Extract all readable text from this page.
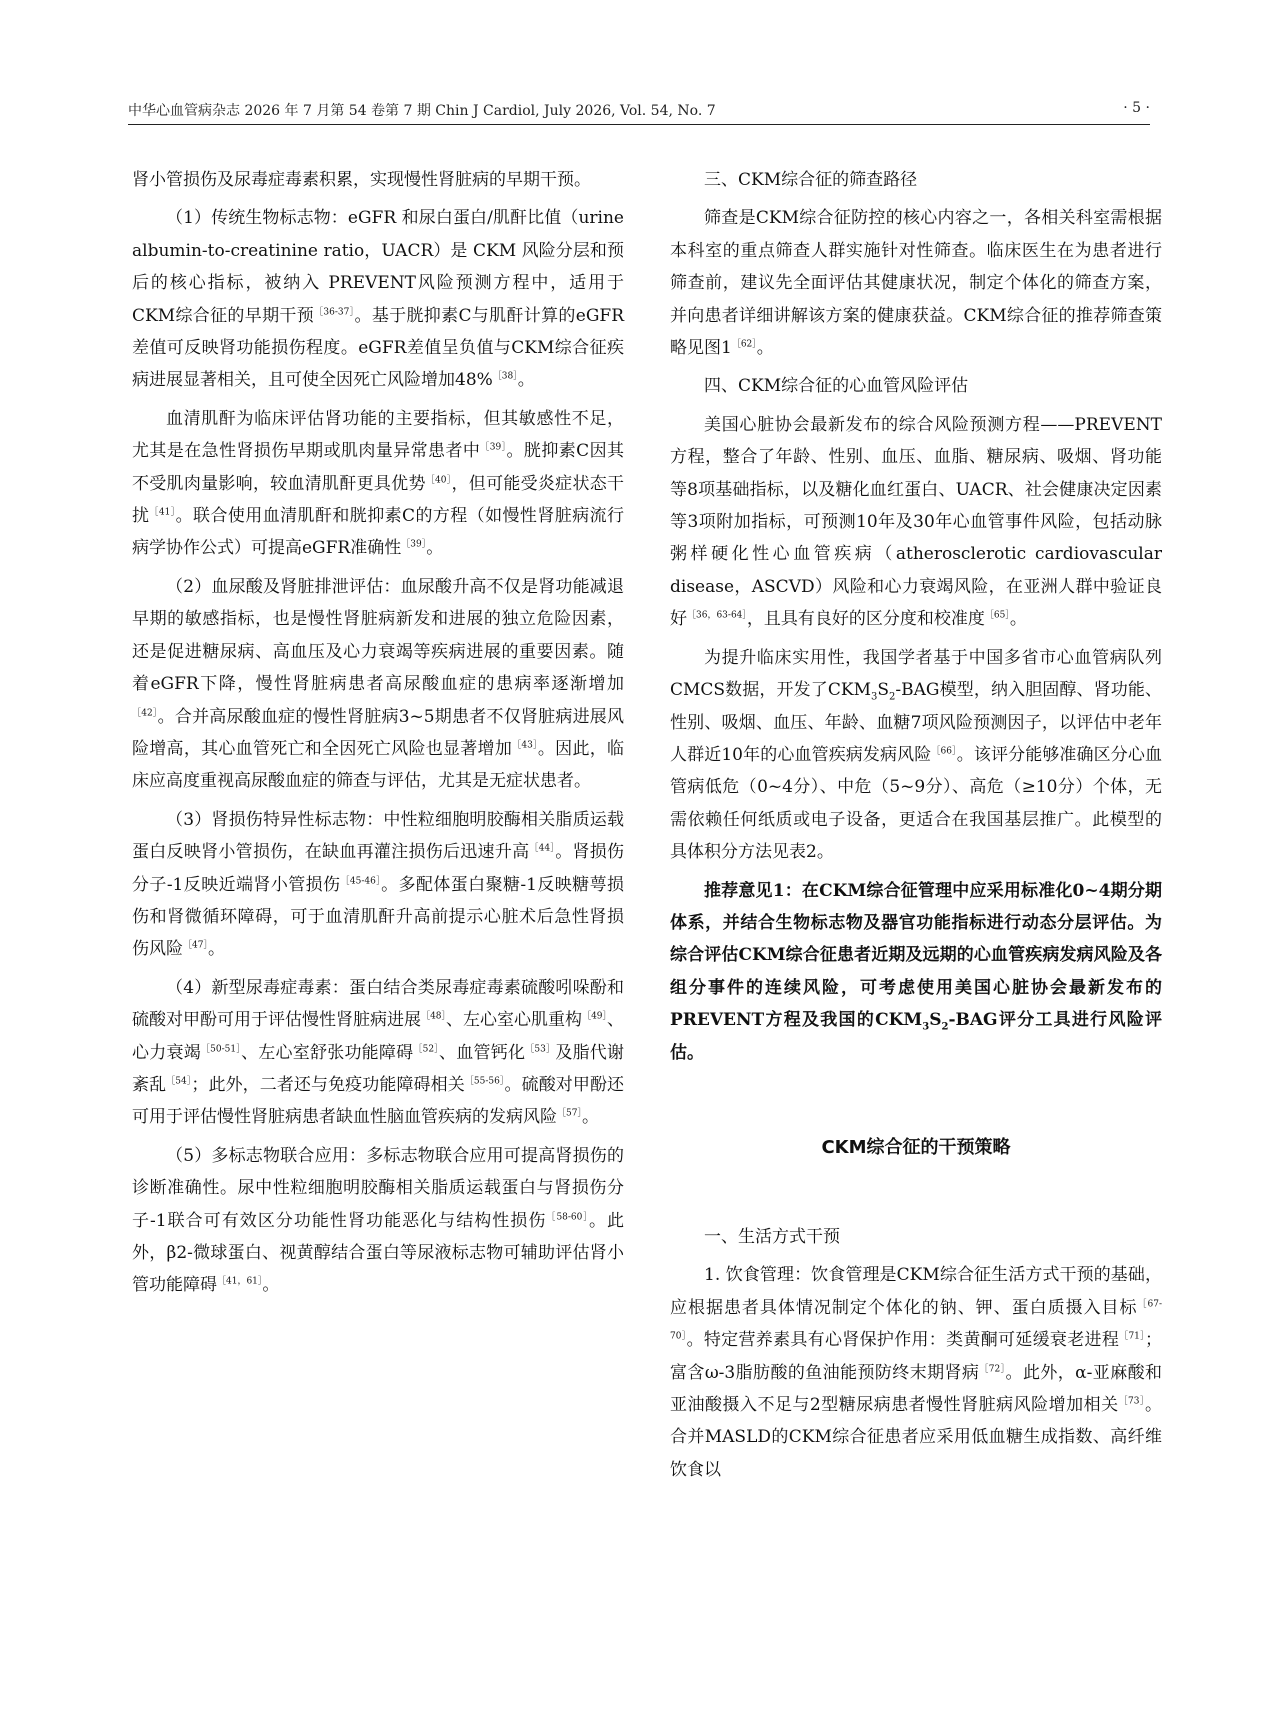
中华心血管病杂志 2026 年 7 月第 54 卷第 7 期 Chin J Cardiol, July 2026, Vol. 54, No. 7	· 5 ·

肾小管损伤及尿毒症毒素积累，实现慢性肾脏病的早期干预。

（1）传统生物标志物：eGFR 和尿白蛋白/肌酐比值（urine albumin-to-creatinine ratio，UACR）是 CKM 风险分层和预后的核心指标，被纳入 PREVENT风险预测方程中，适用于CKM综合征的早期干预$^{[36-37]}$。基于胱抑素C与肌酐计算的eGFR差值可反映肾功能损伤程度。eGFR差值呈负值与CKM综合征疾病进展显著相关，且可使全因死亡风险增加48%$^{[38]}$。

血清肌酐为临床评估肾功能的主要指标，但其敏感性不足，尤其是在急性肾损伤早期或肌肉量异常患者中$^{[39]}$。胱抑素C因其不受肌肉量影响，较血清肌酐更具优势$^{[40]}$，但可能受炎症状态干扰$^{[41]}$。联合使用血清肌酐和胱抑素C的方程（如慢性肾脏病流行病学协作公式）可提高eGFR准确性$^{[39]}$。

（2）血尿酸及肾脏排泄评估：血尿酸升高不仅是肾功能减退早期的敏感指标，也是慢性肾脏病新发和进展的独立危险因素，还是促进糖尿病、高血压及心力衰竭等疾病进展的重要因素。随着eGFR下降，慢性肾脏病患者高尿酸血症的患病率逐渐增加$^{[42]}$。合并高尿酸血症的慢性肾脏病3~5期患者不仅肾脏病进展风险增高，其心血管死亡和全因死亡风险也显著增加$^{[43]}$。因此，临床应高度重视高尿酸血症的筛查与评估，尤其是无症状患者。

（3）肾损伤特异性标志物：中性粒细胞明胶酶相关脂质运载蛋白反映肾小管损伤，在缺血再灌注损伤后迅速升高$^{[44]}$。肾损伤分子-1反映近端肾小管损伤$^{[45-46]}$。多配体蛋白聚糖-1反映糖萼损伤和肾微循环障碍，可于血清肌酐升高前提示心脏术后急性肾损伤风险$^{[47]}$。

（4）新型尿毒症毒素：蛋白结合类尿毒症毒素硫酸吲哚酚和硫酸对甲酚可用于评估慢性肾脏病进展$^{[48]}$、左心室心肌重构$^{[49]}$、心力衰竭$^{[50-51]}$、左心室舒张功能障碍$^{[52]}$、血管钙化$^{[53]}$及脂代谢紊乱$^{[54]}$；此外，二者还与免疫功能障碍相关$^{[55-56]}$。硫酸对甲酚还可用于评估慢性肾脏病患者缺血性脑血管疾病的发病风险$^{[57]}$。

（5）多标志物联合应用：多标志物联合应用可提高肾损伤的诊断准确性。尿中性粒细胞明胶酶相关脂质运载蛋白与肾损伤分子-1联合可有效区分功能性肾功能恶化与结构性损伤$^{[58-60]}$。此外，β2-微球蛋白、视黄醇结合蛋白等尿液标志物可辅助评估肾小管功能障碍$^{[41,61]}$。

三、CKM综合征的筛查路径

筛查是CKM综合征防控的核心内容之一，各相关科室需根据本科室的重点筛查人群实施针对性筛查。临床医生在为患者进行筛查前，建议先全面评估其健康状况，制定个体化的筛查方案，并向患者详细讲解该方案的健康获益。CKM综合征的推荐筛查策略见图$1^{[62]}$。

四、CKM综合征的心血管风险评估

美国心脏协会最新发布的综合风险预测方程——PREVENT方程，整合了年龄、性别、血压、血脂、糖尿病、吸烟、肾功能等8项基础指标，以及糖化血红蛋白、UACR、社会健康决定因素等3项附加指标，可预测10年及30年心血管事件风险，包括动脉粥样硬化性心血管疾病（atherosclerotic cardiovascular disease，ASCVD）风险和心力衰竭风险，在亚洲人群中验证良好$^{[36,63-64]}$，且具有良好的区分度和校准度$^{[65]}$。

为提升临床实用性，我国学者基于中国多省市心血管病队列CMCS数据，开发了$CKM_3S_2$-BAG模型，纳入胆固醇、肾功能、性别、吸烟、血压、年龄、血糖7项风险预测因子，以评估中老年人群近10年的心血管疾病发病风险$^{[66]}$。该评分能够准确区分心血管病低危（0~4分）、中危（5~9分）、高危（≥10分）个体，无需依赖任何纸质或电子设备，更适合在我国基层推广。此模型的具体积分方法见表2。

推荐意见1：在CKM综合征管理中应采用标准化0~4期分期体系，并结合生物标志物及器官功能指标进行动态分层评估。为综合评估CKM综合征患者近期及远期的心血管疾病发病风险及各组分事件的连续风险，可考虑使用美国心脏协会最新发布的PREVENT方程及我国的$CKM_3S_2$-BAG评分工具进行风险评估。

CKM综合征的干预策略

一、生活方式干预

1. 饮食管理：饮食管理是CKM综合征生活方式干预的基础，应根据患者具体情况制定个体化的钠、钾、蛋白质摄入目标$^{[67-70]}$。特定营养素具有心肾保护作用：类黄酮可延缓衰老进程$^{[71]}$；富含ω-3脂肪酸的鱼油能预防终末期肾病$^{[72]}$。此外，α-亚麻酸和亚油酸摄入不足与2型糖尿病患者慢性肾脏病风险增加相关$^{[73]}$。合并MASLD的CKM综合征患者应采用低血糖生成指数、高纤维饮食以
